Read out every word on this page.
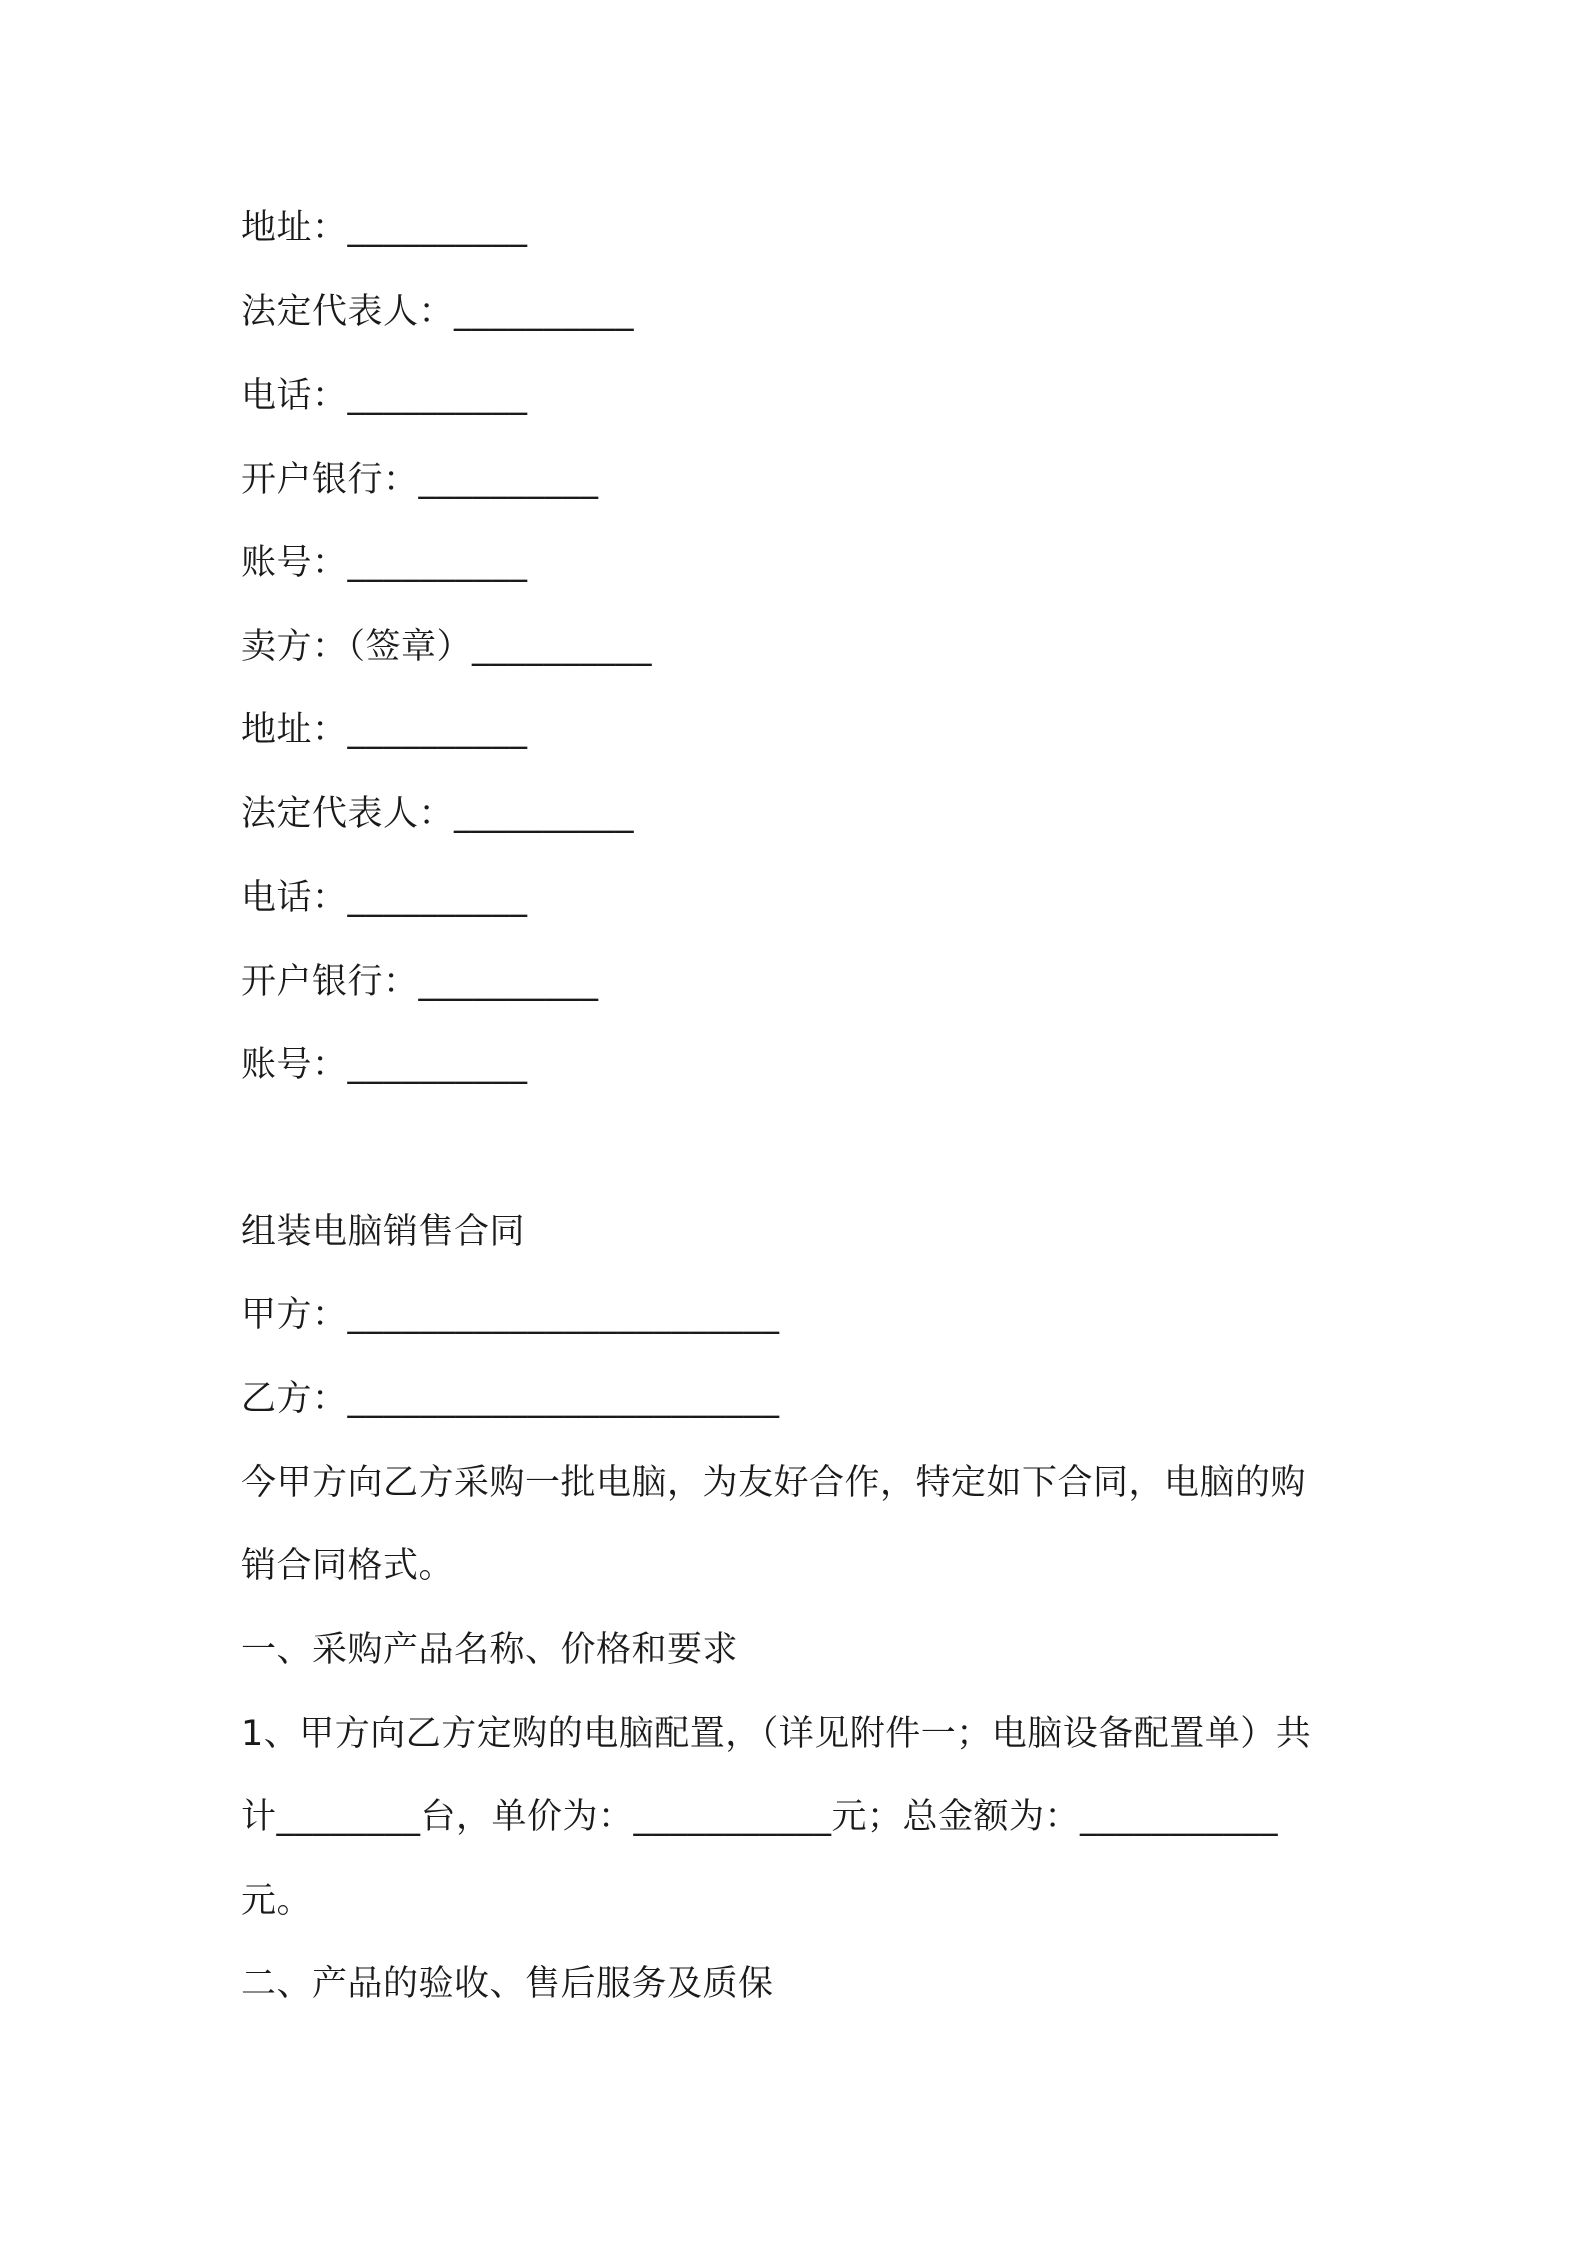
地址：__________
法定代表人：__________
电话：__________
开户银行：__________
账号：__________
卖方：（签章）__________
地址：__________
法定代表人：__________
电话：__________
开户银行：__________
账号：__________
组装电脑销售合同
甲方：________________________
乙方：________________________
今甲方向乙方采购一批电脑，为友好合作，特定如下合同，电脑的购
销合同格式。
一、采购产品名称、价格和要求
1、甲方向乙方定购的电脑配置，（详见附件一；电脑设备配置单）共
计________台，单价为：___________元；总金额为：___________
元。
二、产品的验收、售后服务及质保
